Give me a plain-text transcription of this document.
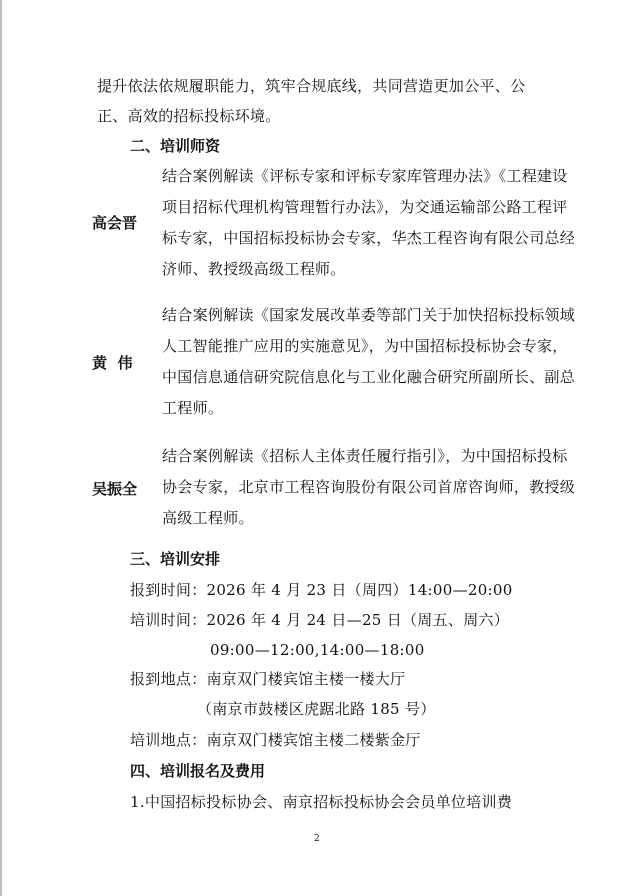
提升依法依规履职能力，筑牢合规底线，共同营造更加公平、公
正、高效的招标投标环境。
二、培训师资
高会晋
结合案例解读《评标专家和评标专家库管理办法》《工程建设
项目招标代理机构管理暂行办法》，为交通运输部公路工程评
标专家，中国招标投标协会专家，华杰工程咨询有限公司总经
济师、教授级高级工程师。
黄  伟
结合案例解读《国家发展改革委等部门关于加快招标投标领域
人工智能推广应用的实施意见》，为中国招标投标协会专家，
中国信息通信研究院信息化与工业化融合研究所副所长、副总
工程师。
吴振全
结合案例解读《招标人主体责任履行指引》，为中国招标投标
协会专家，北京市工程咨询股份有限公司首席咨询师，教授级
高级工程师。
三、培训安排
报到时间：2026 年 4 月 23 日（周四）14:00—20:00
培训时间：2026 年 4 月 24 日—25 日（周五、周六）
09:00—12:00,14:00—18:00
报到地点：南京双门楼宾馆主楼一楼大厅
（南京市鼓楼区虎踞北路 185 号）
培训地点：南京双门楼宾馆主楼二楼紫金厅
四、培训报名及费用
1.中国招标投标协会、南京招标投标协会会员单位培训费
2
